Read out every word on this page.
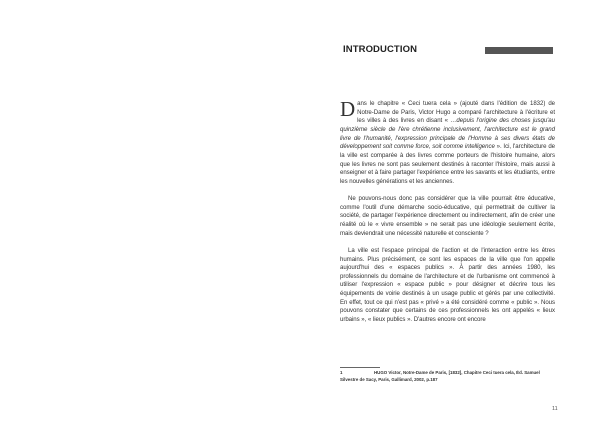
INTRODUCTION

Dans le chapitre « Ceci tuera cela » (ajouté dans l'édition de 1832) de Notre-Dame de Paris, Victor Hugo a comparé l'architecture à l'écriture et les villes à des livres en disant « …depuis l'origine des choses jusqu'au quinzième siècle de l'ère chrétienne inclusivement, l'architecture est le grand livre de l'humanité, l'expression principale de l'Homme à ses divers états de développement soit comme force, soit comme intelligence ». Ici, l'architecture de la ville est comparée à des livres comme porteurs de l'histoire humaine, alors que les livres ne sont pas seulement destinés à raconter l'histoire, mais aussi à enseigner et à faire partager l'expérience entre les savants et les étudiants, entre les nouvelles générations et les anciennes.

Ne pouvons-nous donc pas considérer que la ville pourrait être éducative, comme l'outil d'une démarche socio-éducative, qui permettrait de cultiver la société, de partager l'expérience directement ou indirectement, afin de créer une réalité où le « vivre ensemble » ne serait pas une idéologie seulement écrite, mais deviendrait une nécessité naturelle et consciente ?

La ville est l'espace principal de l'action et de l'interaction entre les êtres humains. Plus précisément, ce sont les espaces de la ville que l'on appelle aujourd'hui des « espaces publics ». À partir des années 1980, les professionnels du domaine de l'architecture et de l'urbanisme ont commencé à utiliser l'expression « espace public » pour désigner et décrire tous les équipements de voirie destinés à un usage public et gérés par une collectivité. En effet, tout ce qui n'est pas « privé » a été considéré comme « public ». Nous pouvons constater que certains de ces professionnels les ont appelés « lieux urbains », « lieux publics ». D'autres encore ont encore

1	HUGO Victor, Notre-Dame de Paris, [1832], Chapitre Ceci tuera cela, Éd. Samuel Silvestre de Sacy, Paris, Gallimard, 2002, p.187
11
